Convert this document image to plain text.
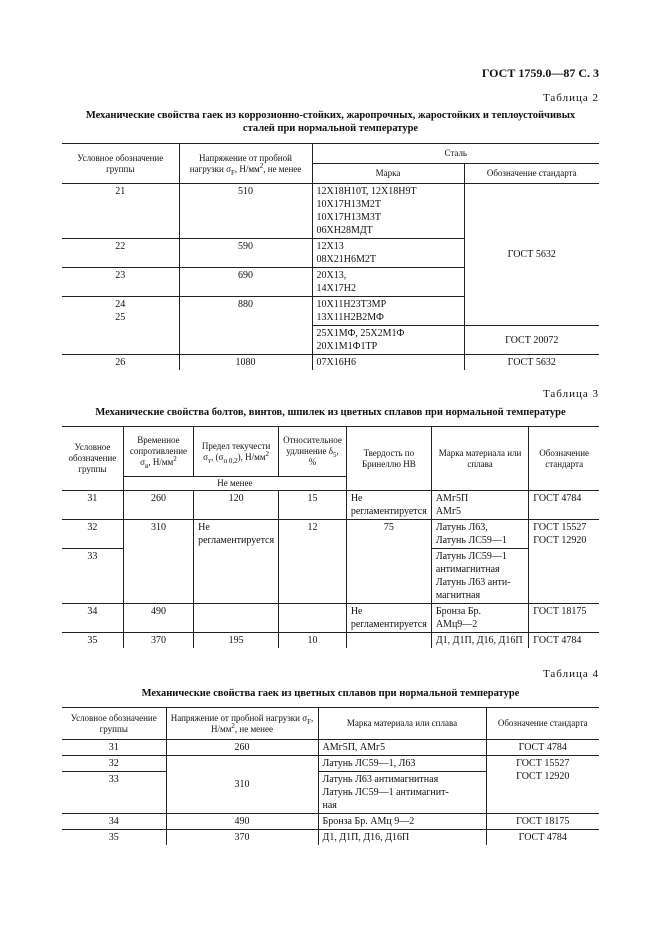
ГОСТ 1759.0—87 С. 3
Таблица 2
Механические свойства гаек из коррозионно-стойких, жаропрочных, жаростойких и теплоустойчивых
сталей при нормальной температуре
Условное обозначение группы	Напряжение от пробной нагрузки $\sigma_F$, $Н/мм^2$, не менее	Сталь	
		Марка	Обозначение стандарта
21	510	12Х18Н10Т, 12Х18Н9Т
10Х17Н13М2Т
10Х17Н13М3Т
06ХН28МДТ	ГОСТ 5632
22	590	12Х13
08Х21Н6М2Т	

23	690	20Х13,
14Х17Н2	

24
25	880	10Х11Н23Т3МР
13Х11Н2В2МФ	

		25Х1МФ, 25Х2М1Ф
20Х1М1Ф1ТР	ГОСТ 20072
26	1080	07Х16Н6	ГОСТ 5632
Таблица 3
Механические свойства болтов, винтов, шпилек из цветных сплавов при нормальной температуре
Условное обозначение группы	Временное сопротивление $\sigma_в$, $Н/мм^2$	Предел текучести $\sigma_т$, $(\sigma_{п 0,2})$, $Н/мм^2$	Относительное удлинение $\delta_5$, %	Твердость по Бринеллю НВ	Марка материала или сплава	Обозначение стандарта
	Не менее					
31	260	120	15	Не регламентируется	АМг5П
АМг5	ГОСТ 4784
32	310	Не регламентируется	12	75	Латунь Л63,
Латунь ЛС59—1	ГОСТ 15527
ГОСТ 12920

33					Латунь ЛС59—1
антимагнитная
Латунь Л63 анти-
магнитная	

34	490			Не регламентируется	Бронза Бр.
АМц9—2	ГОСТ 18175
35	370	195	10		Д1, Д1П, Д16, Д16П	ГОСТ 4784
Таблица 4
Механические свойства гаек из цветных сплавов при нормальной температуре
Условное обозначение группы	Напряжение от пробной нагрузки $\sigma_F$, $Н/мм^2$, не менее	Марка материала или сплава	Обозначение стандарта
31	260	АМг5П, АМг5	ГОСТ 4784
32	310	Латунь ЛС59—1, Л63	ГОСТ 15527
ГОСТ 12920

33		Латунь Л63 антимагнитная
Латунь ЛС59—1 антимагнит-
ная	

34	490	Бронза Бр. АМц 9—2	ГОСТ 18175
35	370	Д1, Д1П, Д16, Д16П	ГОСТ 4784
